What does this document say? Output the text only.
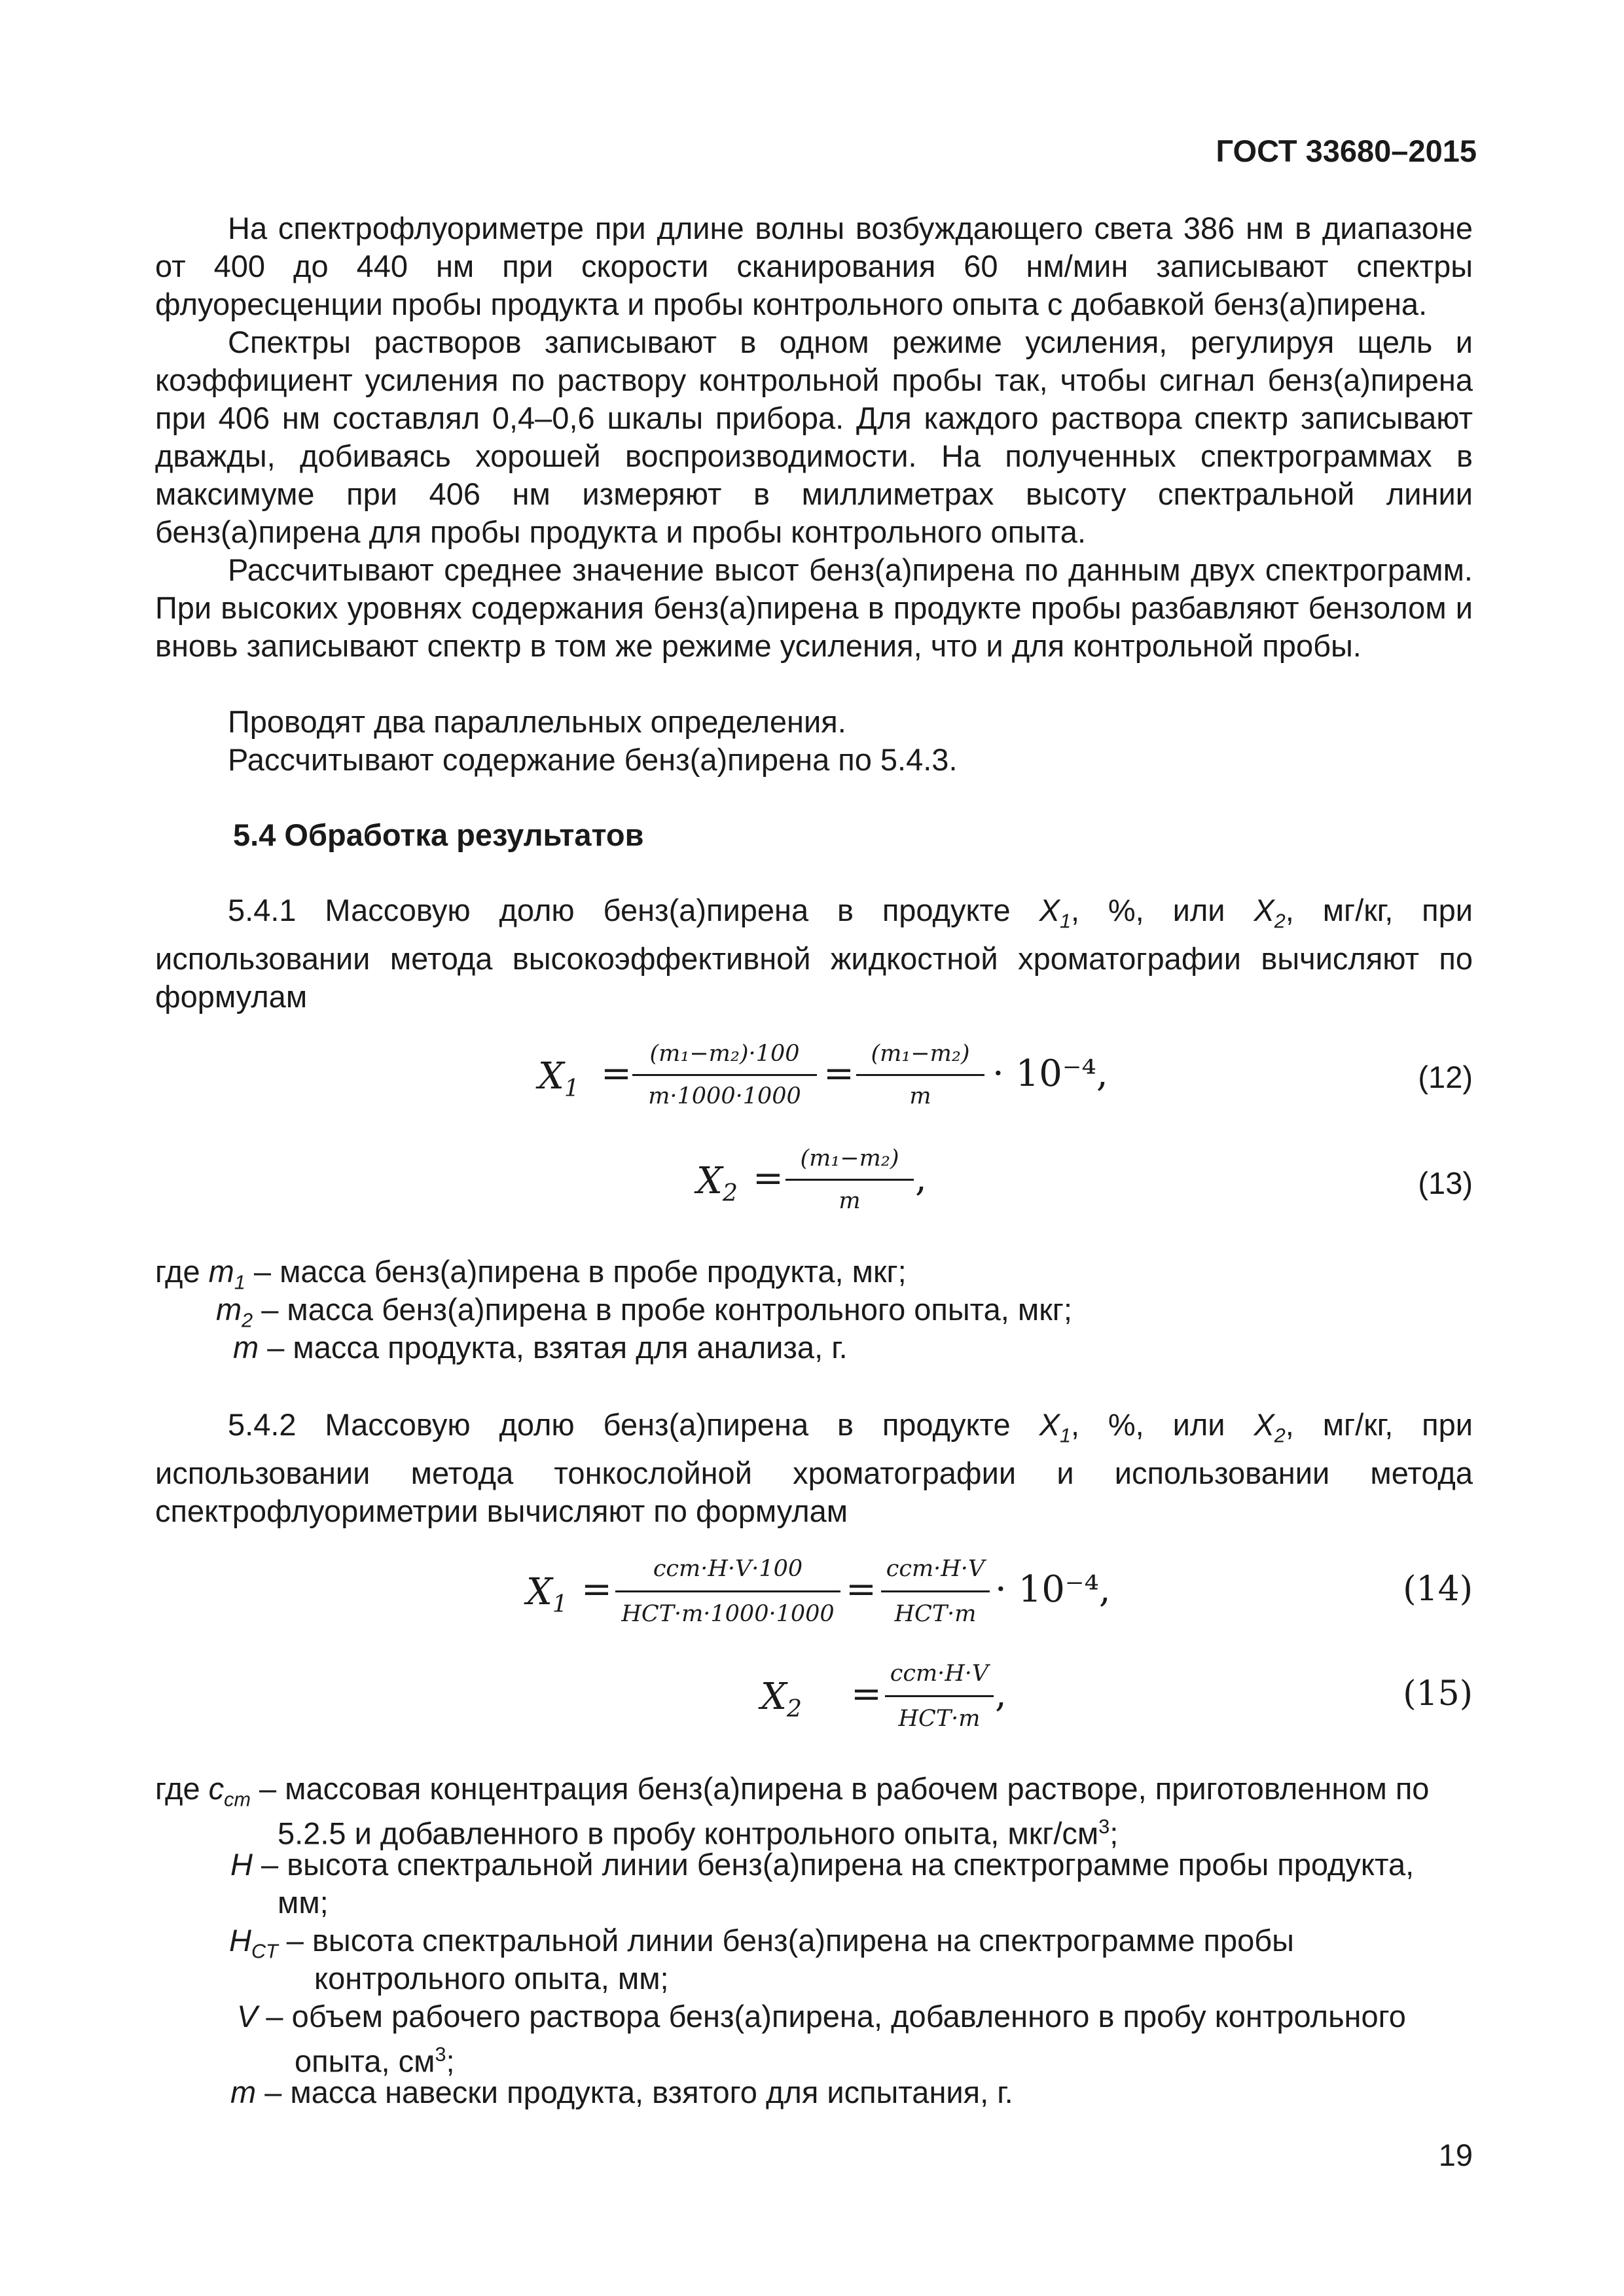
ГОСТ 33680–2015

На спектрофлуориметре при длине волны возбуждающего света 386 нм в диапазоне от 400 до 440 нм при скорости сканирования 60 нм/мин записывают спектры флуоресценции пробы продукта и пробы контрольного опыта с добавкой бенз(а)пирена.

Спектры растворов записывают в одном режиме усиления, регулируя щель и коэффициент усиления по раствору контрольной пробы так, чтобы сигнал бенз(а)пирена при 406 нм составлял 0,4–0,6 шкалы прибора. Для каждого раствора спектр записывают дважды, добиваясь хорошей воспроизводимости. На полученных спектрограммах в максимуме при 406 нм измеряют в миллиметрах высоту спектральной линии бенз(а)пирена для пробы продукта и пробы контрольного опыта.

Рассчитывают среднее значение высот бенз(а)пирена по данным двух спектрограмм. При высоких уровнях содержания бенз(а)пирена в продукте пробы разбавляют бензолом и вновь записывают спектр в том же режиме усиления, что и для контрольной пробы.

Проводят два параллельных определения.
Рассчитывают содержание бенз(а)пирена по 5.4.3.
5.4 Обработка результатов

5.4.1 Массовую долю бенз(а)пирена в продукте $X_1$, %, или $X_2$, мг/кг, при использовании метода высокоэффективной жидкостной хроматографии вычисляют по формулам

$X_1 = (m_1-m_2)\cdot 100$
m·1000·1000
= (m₁−m₂)
m
· 10⁻⁴,	(12)
$X_2 = (m_1-m_2)$
m
,	(13)
где $m_1$ – масса бенз(а)пирена в пробе продукта, мкг;
$m_2$ – масса бенз(а)пирена в пробе контрольного опыта, мкг;
m – масса продукта, взятая для анализа, г.

5.4.2 Массовую долю бенз(а)пирена в продукте $X_1$, %, или $X_2$, мг/кг, при использовании метода тонкослойной хроматографии и использовании метода спектрофлуориметрии вычисляют по формулам

$X_1$ =	cст·H·V·100
HСТ·m·1000·1000
= cст·H·V
HСТ·m
· 10⁻⁴,	(14)
$X_2 = cст\cdot H\cdot V$
HСТ·m
,	(15)
где $c_{ст}$ – массовая концентрация бенз(а)пирена в рабочем растворе, приготовленном по
5.2.5 и добавленного в пробу контрольного опыта, мкг/$см^3$;
H – высота спектральной линии бенз(а)пирена на спектрограмме пробы продукта,
мм;
$H_{CT}$ – высота спектральной линии бенз(а)пирена на спектрограмме пробы
контрольного опыта, мм;
V – объем рабочего раствора бенз(а)пирена, добавленного в пробу контрольного
опыта, $см^3$;
m – масса навески продукта, взятого для испытания, г.
19
